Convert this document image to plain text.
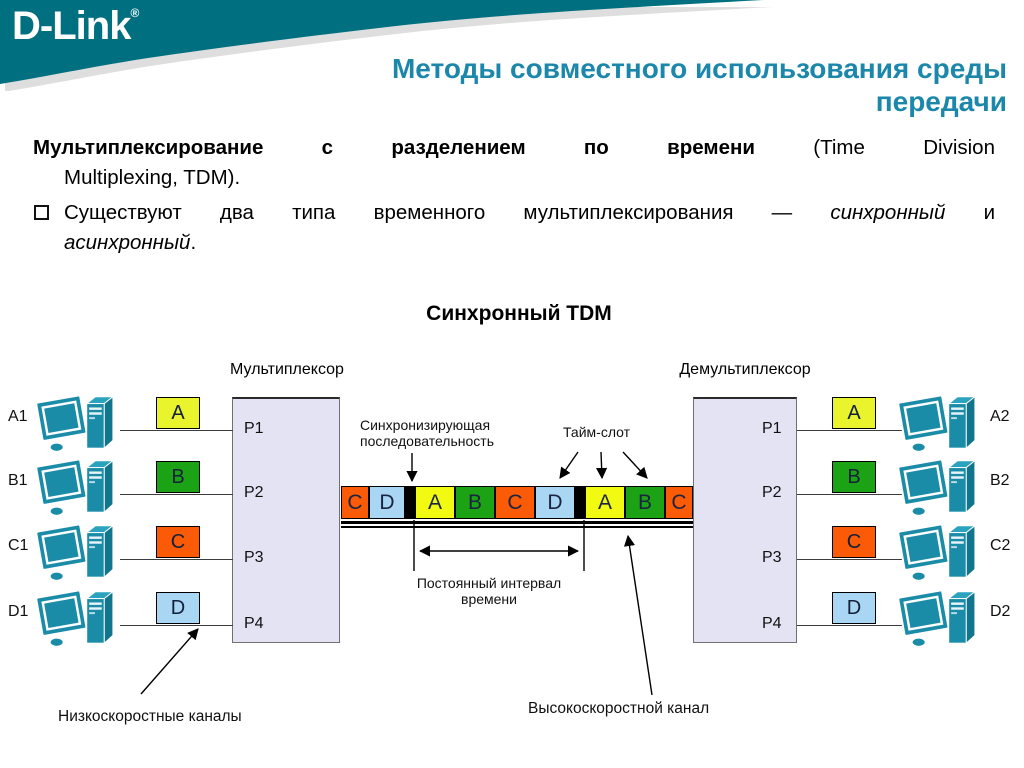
D-Link®
Методы совместного использования среды
передачи
Мультиплексирование с разделением по времени	(Time Division
Multiplexing, TDM).
Существуют два типа временного мультиплексирования — синхронный и
асинхронный.
Синхронный TDM
Мультиплексор	Демультиплексор
P1
P2
P3
P4
P1
P2
P3
P4
A1	A
B1	B
C1	C
D1	D
A2
A
B2
B
C2
C
D2
D
C D	A	B	C	D	A	B C
Синхронизирующая
последовательность
Тайм-слот
Постоянный интервал времени
Низкоскоростные каналы	Высокоскоростной канал
